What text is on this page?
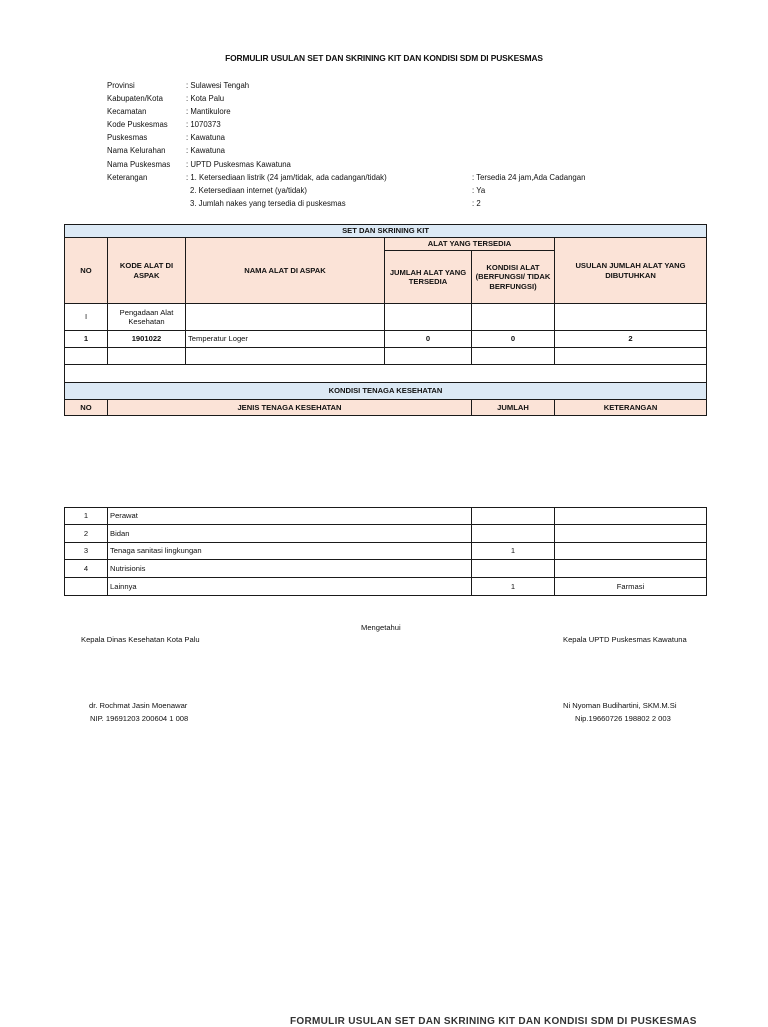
FORMULIR USULAN SET DAN SKRINING KIT DAN KONDISI SDM DI PUSKESMAS
Provinsi	: Sulawesi Tengah
Kabupaten/Kota	: Kota Palu
Kecamatan	: Mantikulore
Kode Puskesmas : 1070373
Puskesmas	: Kawatuna
Nama Kelurahan	: Kawatuna
Nama Puskesmas : UPTD Puskesmas Kawatuna
Keterangan	: 1. Ketersediaan listrik (24 jam/tidak, ada cadangan/tidak)	: Tersedia 24 jam,Ada Cadangan
2. Ketersediaan internet (ya/tidak)	: Ya
3. Jumlah nakes yang tersedia di puskesmas	: 2
SET DAN SKRINING KIT					
NO	KODE ALAT DI ASPAK	NAMA ALAT DI ASPAK	ALAT YANG TERSEDIA		USULAN JUMLAH ALAT YANG DIBUTUHKAN
			JUMLAH ALAT YANG TERSEDIA	KONDISI ALAT (BERFUNGSI/ TIDAK BERFUNGSI)	
I	Pengadaan Alat Kesehatan				
1	1901022	Temperatur Loger	0	0	2

KONDISI TENAGA KESEHATAN					
NO	JENIS TENAGA KESEHATAN			JUMLAH	KETERANGAN
1	Perawat		
2	Bidan		
3	Tenaga sanitasi lingkungan	1	
4	Nutrisionis		
	Lainnya	1	Farmasi
Mengetahui
Kepala Dinas Kesehatan Kota Palu	Kepala UPTD Puskesmas Kawatuna
dr. Rochmat Jasin Moenawar
NIP. 19691203 200604 1 008
Ni Nyoman Budihartini, SKM.M.Si
Nip.19660726 198802 2 003
FORMULIR USULAN SET DAN SKRINING KIT DAN KONDISI SDM DI PUSKESMAS
